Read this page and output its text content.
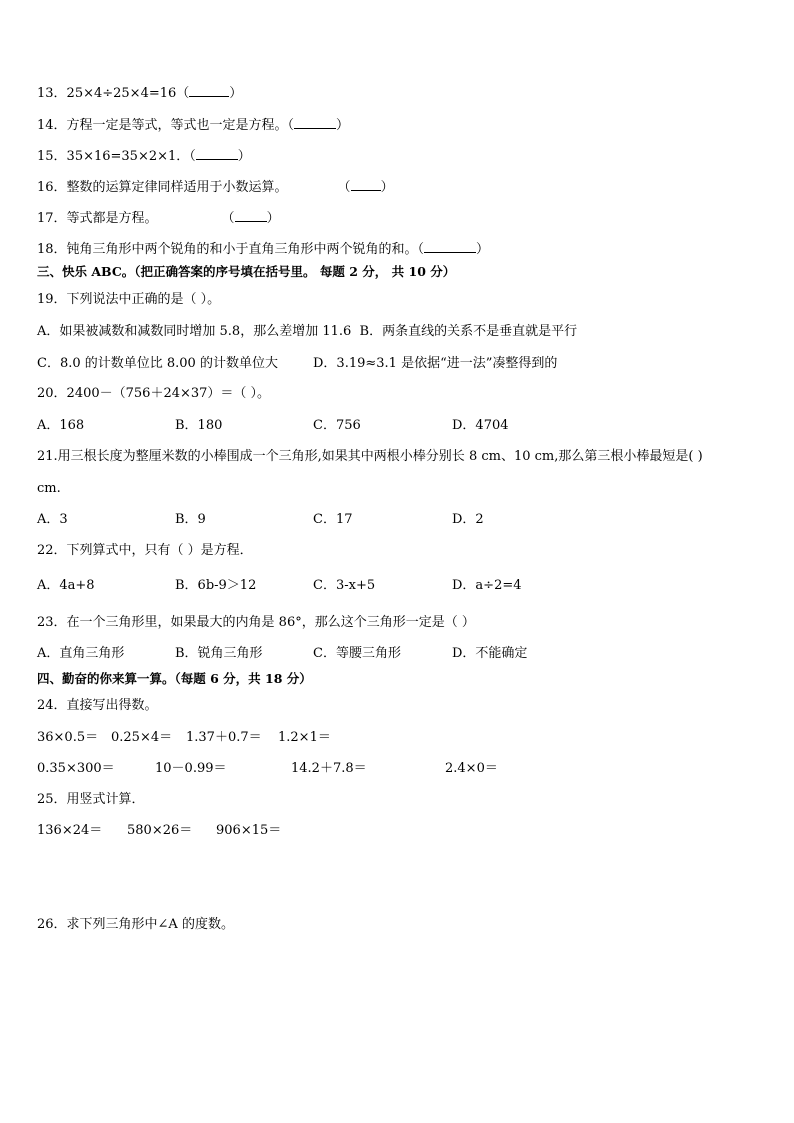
13．25×4÷25×4=16（	）
14．方程一定是等式，等式也一定是方程。（	）
15．35×16=35×2×1．（	）
16．整数的运算定律同样适用于小数运算。	（ ）
17．等式都是方程。	（ ）
18．钝角三角形中两个锐角的和小于直角三角形中两个锐角的和。（	）
三、快乐 ABC。（把正确答案的序号填在括号里。 每题 2 分， 共 10 分）
19．下列说法中正确的是（ ）。
A．如果被减数和减数同时增加 5.8，那么差增加 11.6 B．两条直线的关系不是垂直就是平行
C．8.0 的计数单位比 8.00 的计数单位大	D．3.19≈3.1 是依据“进一法”凑整得到的
20．2400－（756＋24×37）＝（ ）。
A．168	B．180	C．756	D．4704
21.用三根长度为整厘米数的小棒围成一个三角形,如果其中两根小棒分别长 8 cm、10 cm,那么第三根小棒最短是( )
cm.
A．3	B．9	C．17	D．2
22．下列算式中，只有（ ）是方程．
A．4a+8	B．6b-9＞12	C．3-x+5	D．a÷2=4
23．在一个三角形里，如果最大的内角是 86°，那么这个三角形一定是（ ）
A．直角三角形	B．锐角三角形	C．等腰三角形	D．不能确定
四、勤奋的你来算一算。（每题 6 分，共 18 分）
24．直接写出得数。
36×0.5＝ 0.25×4＝ 1.37＋0.7＝ 1.2×1＝
0.35×300＝	10－0.99＝	14.2＋7.8＝	2.4×0＝
25．用竖式计算．
136×24＝ 580×26＝ 906×15＝
26．求下列三角形中∠A 的度数。
